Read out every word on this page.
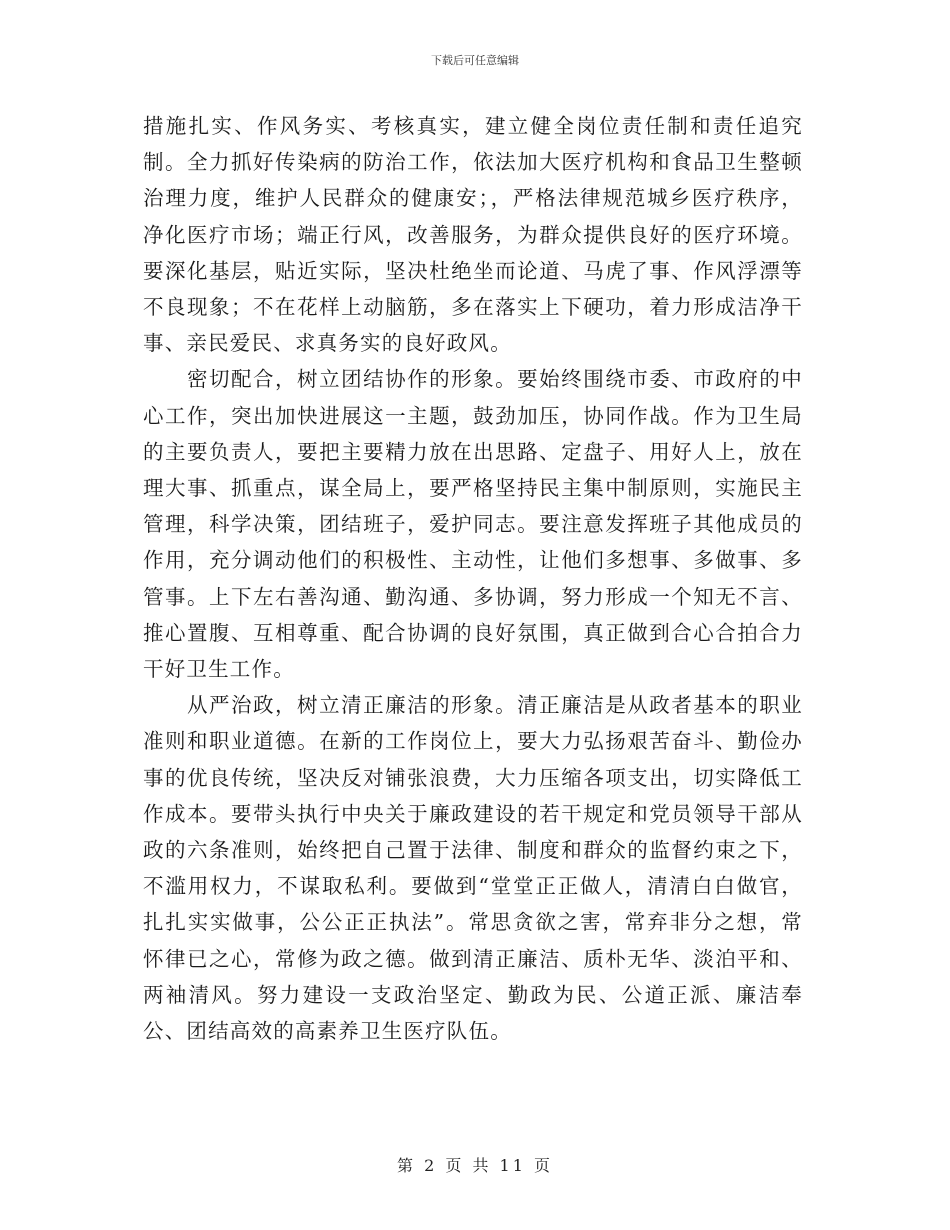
下载后可任意编辑

措施扎实、作风务实、考核真实，建立健全岗位责任制和责任追究制。全力抓好传染病的防治工作，依法加大医疗机构和食品卫生整顿治理力度，维护人民群众的健康安；，严格法律规范城乡医疗秩序，净化医疗市场；端正行风，改善服务，为群众提供良好的医疗环境。要深化基层，贴近实际，坚决杜绝坐而论道、马虎了事、作风浮漂等不良现象；不在花样上动脑筋，多在落实上下硬功，着力形成洁净干事、亲民爱民、求真务实的良好政风。

密切配合，树立团结协作的形象。要始终围绕市委、市政府的中心工作，突出加快进展这一主题，鼓劲加压，协同作战。作为卫生局的主要负责人，要把主要精力放在出思路、定盘子、用好人上，放在理大事、抓重点，谋全局上，要严格坚持民主集中制原则，实施民主管理，科学决策，团结班子，爱护同志。要注意发挥班子其他成员的作用，充分调动他们的积极性、主动性，让他们多想事、多做事、多管事。上下左右善沟通、勤沟通、多协调，努力形成一个知无不言、推心置腹、互相尊重、配合协调的良好氛围，真正做到合心合拍合力干好卫生工作。

从严治政，树立清正廉洁的形象。清正廉洁是从政者基本的职业准则和职业道德。在新的工作岗位上，要大力弘扬艰苦奋斗、勤俭办事的优良传统，坚决反对铺张浪费，大力压缩各项支出，切实降低工作成本。要带头执行中央关于廉政建设的若干规定和党员领导干部从政的六条准则，始终把自己置于法律、制度和群众的监督约束之下，不滥用权力，不谋取私利。要做到“堂堂正正做人，清清白白做官，扎扎实实做事，公公正正执法”。常思贪欲之害，常弃非分之想，常怀律已之心，常修为政之德。做到清正廉洁、质朴无华、淡泊平和、两袖清风。努力建设一支政治坚定、勤政为民、公道正派、廉洁奉公、团结高效的高素养卫生医疗队伍。

第 2 页 共 11 页
